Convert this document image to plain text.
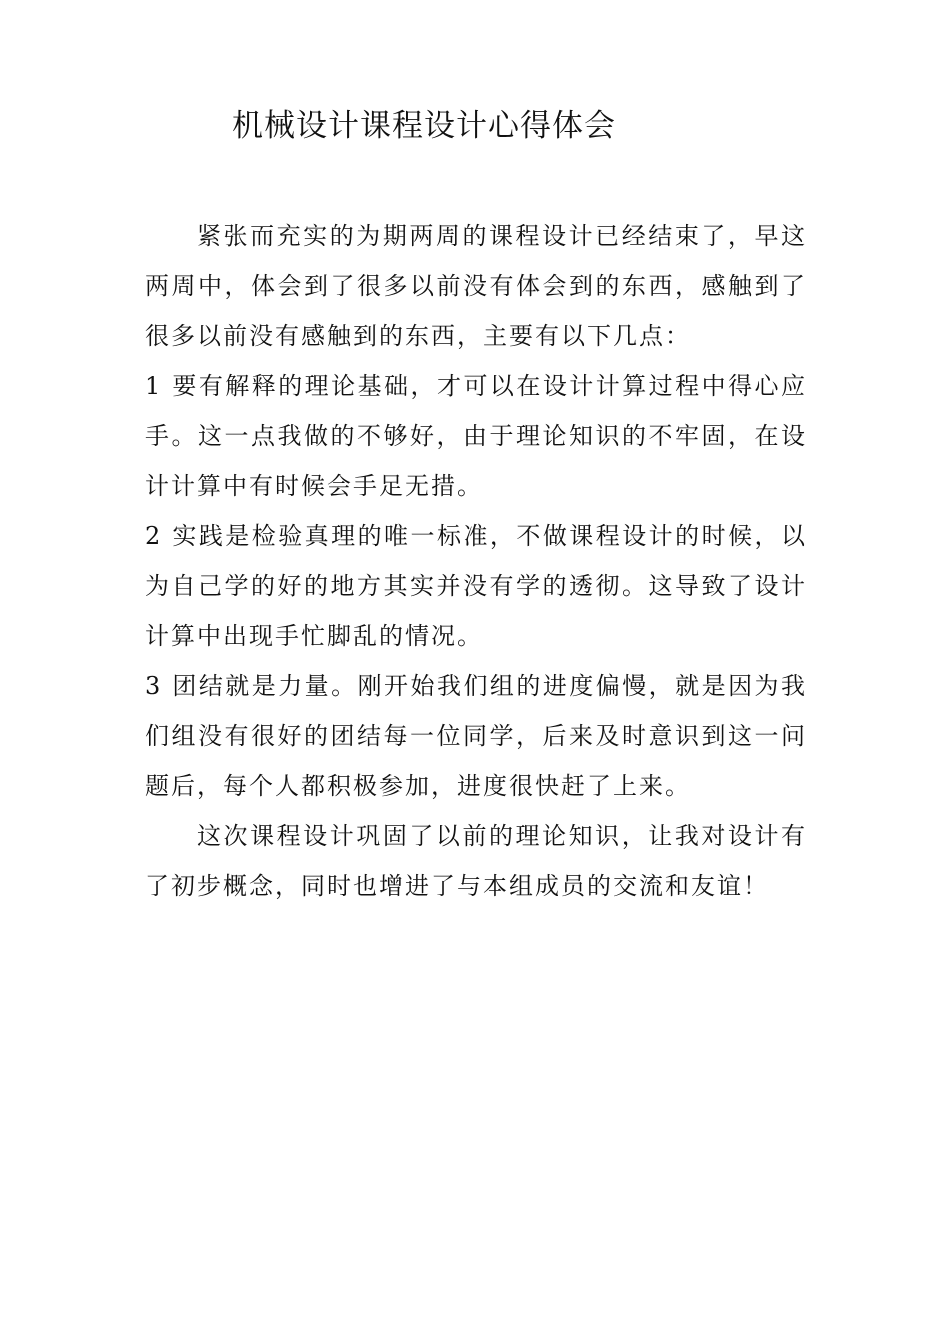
机械设计课程设计心得体会

紧张而充实的为期两周的课程设计已经结束了，早这两周中，体会到了很多以前没有体会到的东西，感触到了很多以前没有感触到的东西，主要有以下几点：

1 要有解释的理论基础，才可以在设计计算过程中得心应手。这一点我做的不够好，由于理论知识的不牢固，在设计计算中有时候会手足无措。

2 实践是检验真理的唯一标准，不做课程设计的时候，以为自己学的好的地方其实并没有学的透彻。这导致了设计计算中出现手忙脚乱的情况。

3 团结就是力量。刚开始我们组的进度偏慢，就是因为我们组没有很好的团结每一位同学，后来及时意识到这一问题后，每个人都积极参加，进度很快赶了上来。

这次课程设计巩固了以前的理论知识，让我对设计有了初步概念，同时也增进了与本组成员的交流和友谊！
